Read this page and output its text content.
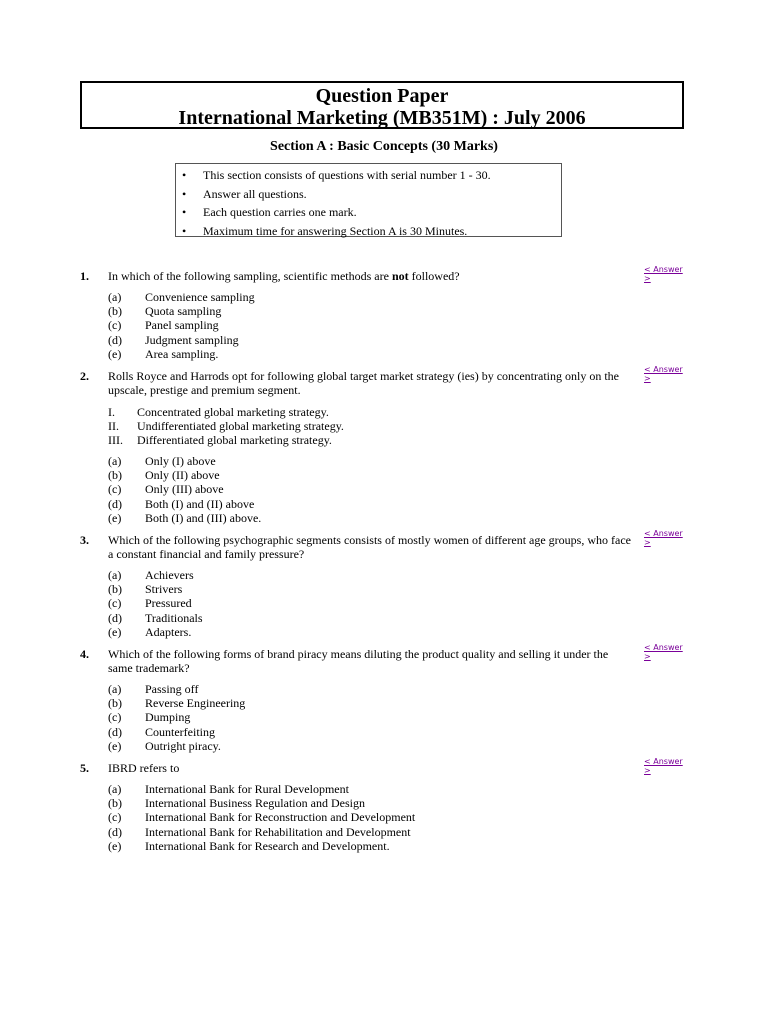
Question Paper
International Marketing (MB351M) : July 2006
Section A : Basic Concepts (30 Marks)
•	This section consists of questions with serial number 1 - 30.
•	Answer all questions.
•	Each question carries one mark.
•	Maximum time for answering Section A is 30 Minutes.
1. In which of the following sampling, scientific methods are not followed?	< Answer >
(a)	Convenience sampling
(b)	Quota sampling
(c)	Panel sampling
(d)	Judgment sampling
(e)	Area sampling.
2. Rolls Royce and Harrods opt for following global target market strategy (ies) by concentrating only on the upscale, prestige and premium segment.
< Answer >
I.	Concentrated global marketing strategy.
II.	Undifferentiated global marketing strategy.
III.	Differentiated global marketing strategy.
(a)	Only (I) above
(b)	Only (II) above
(c)	Only (III) above
(d)	Both (I) and (II) above
(e)	Both (I) and (III) above.
3. Which of the following psychographic segments consists of mostly women of different age groups, who face a constant financial and family pressure?
< Answer >
(a)	Achievers
(b)	Strivers
(c)	Pressured
(d)	Traditionals
(e)	Adapters.
4. Which of the following forms of brand piracy means diluting the product quality and selling it under the same trademark?
< Answer >
(a)	Passing off
(b)	Reverse Engineering
(c)	Dumping
(d)	Counterfeiting
(e)	Outright piracy.
5. IBRD refers to	< Answer >
(a)	International Bank for Rural Development
(b)	International Business Regulation and Design
(c)	International Bank for Reconstruction and Development
(d)	International Bank for Rehabilitation and Development
(e)	International Bank for Research and Development.
